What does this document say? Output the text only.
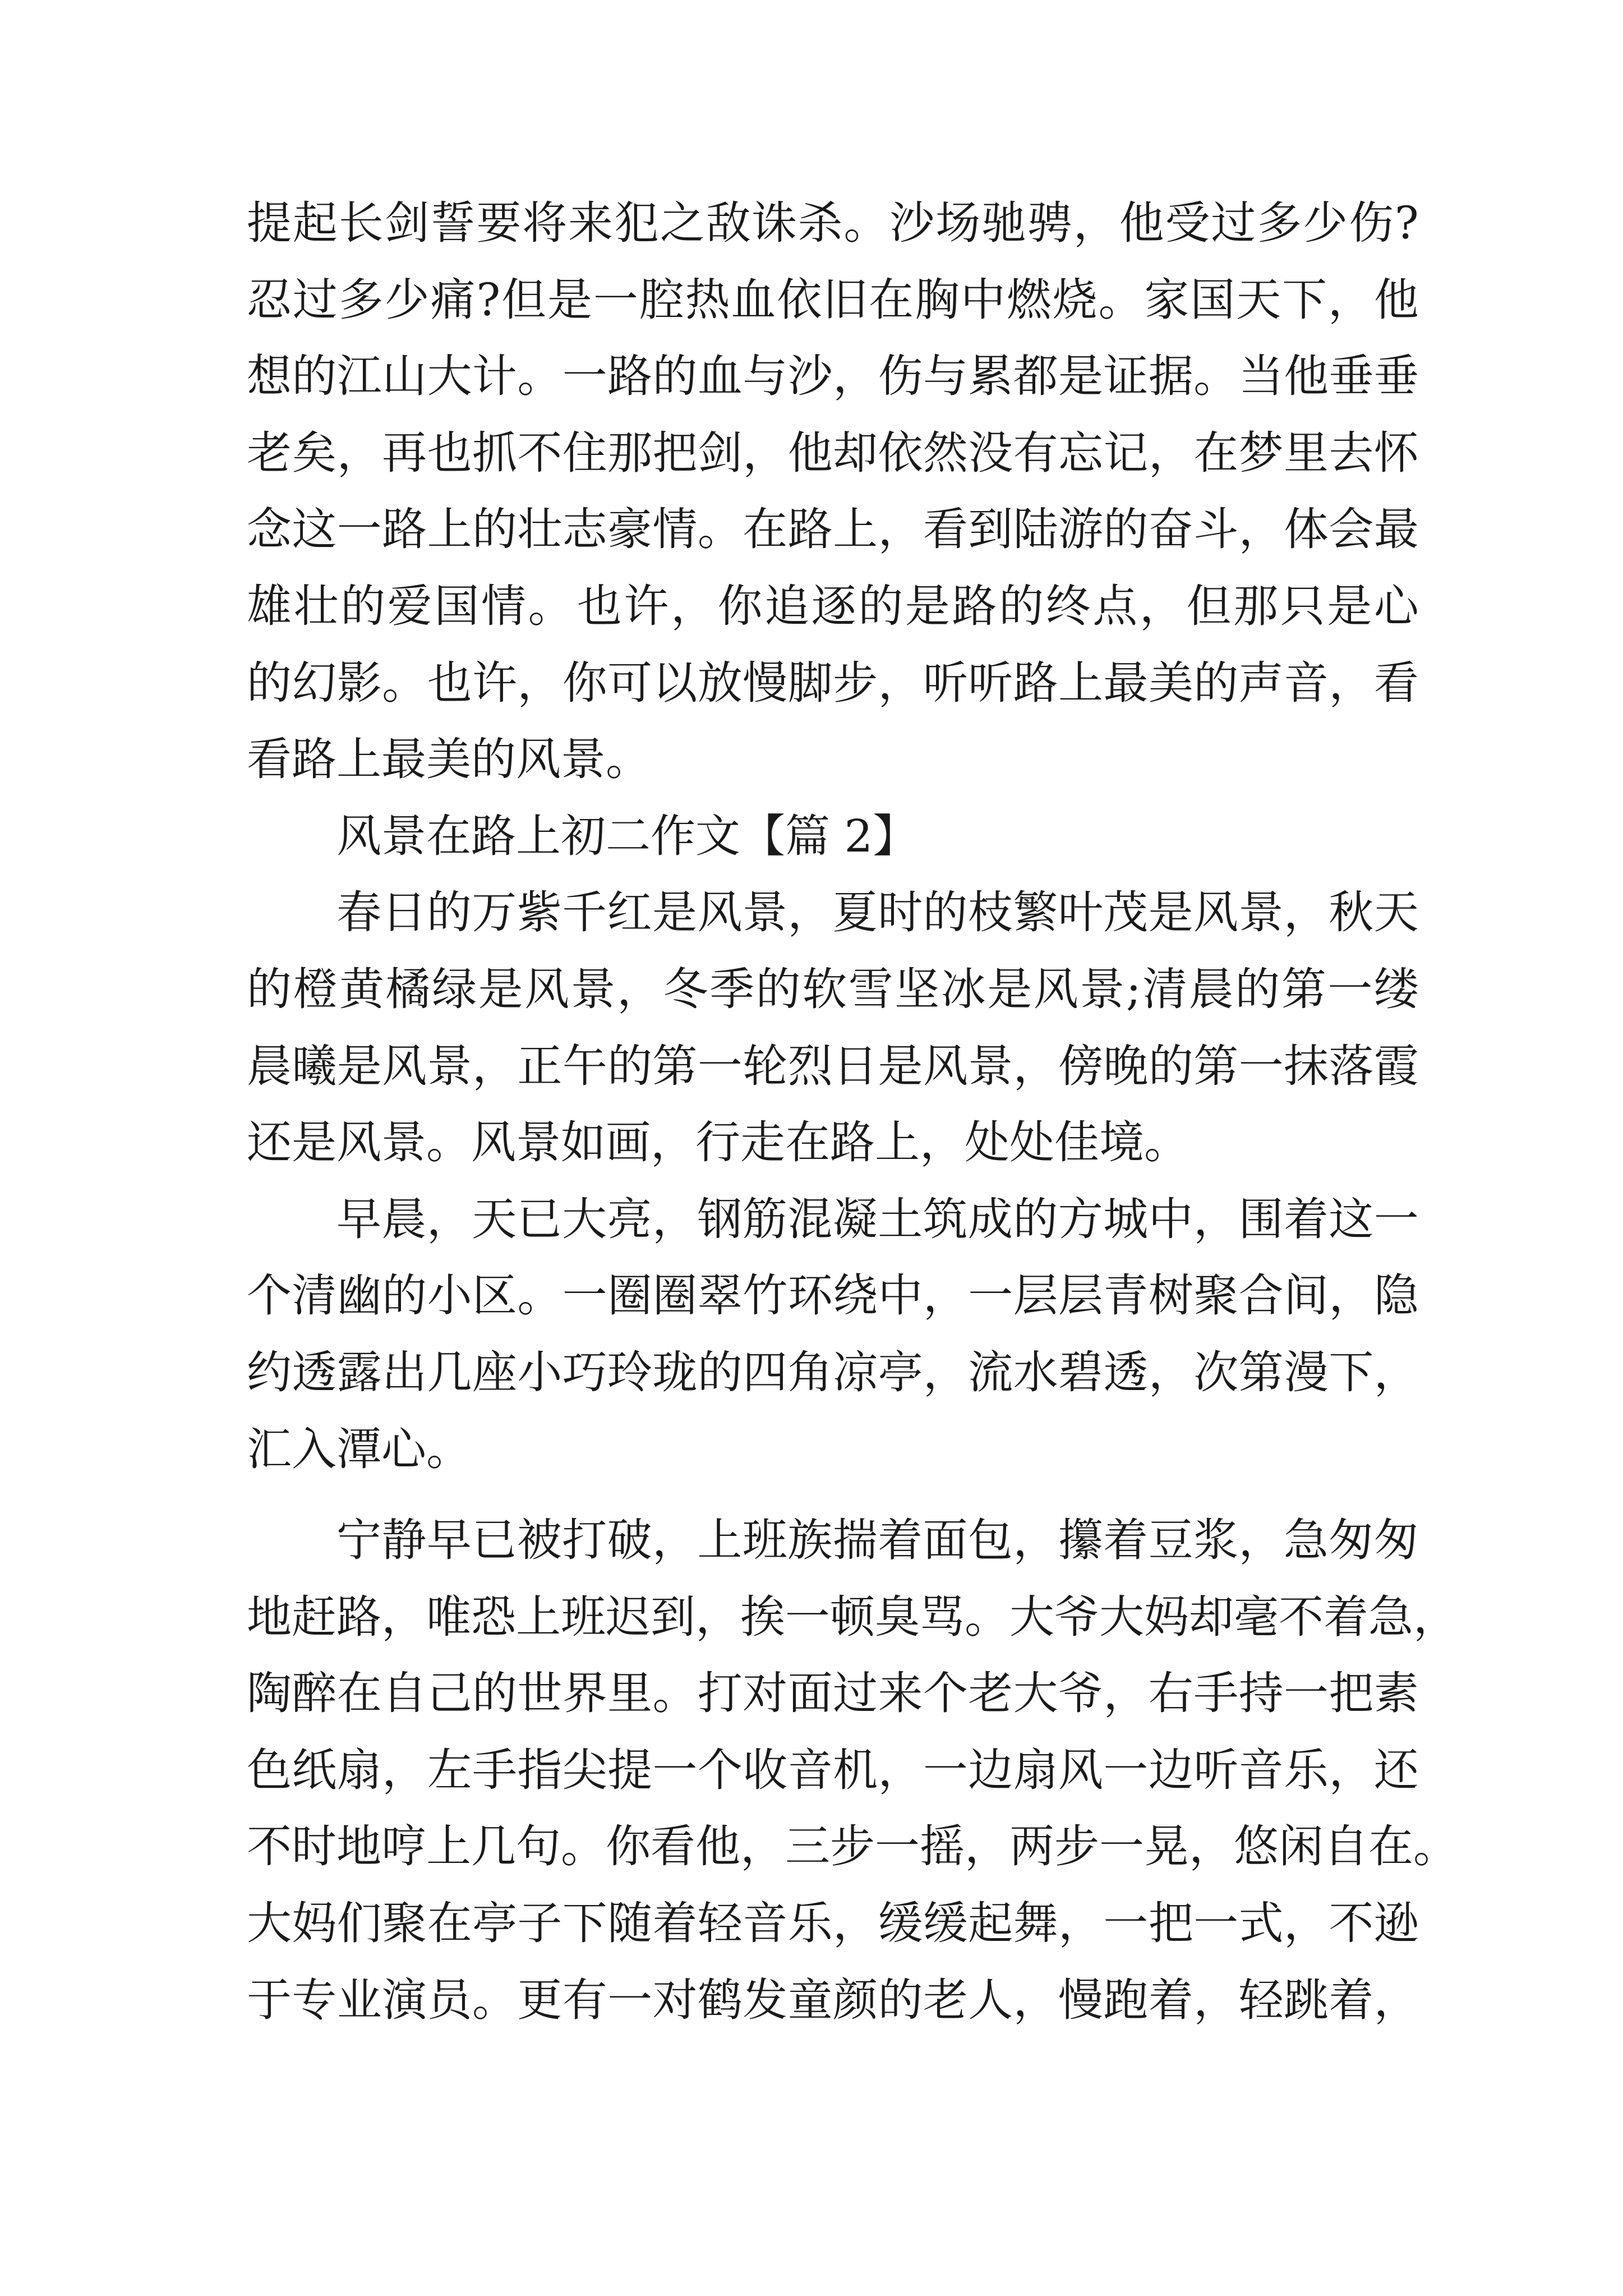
提 起 长 剑 誓 要 将 来 犯 之 敌 诛 杀 。 沙 场 驰 骋 ， 他 受 过 多 少 伤 ?
忍 过 多 少 痛 ? 但 是 一 腔 热 血 依 旧 在 胸 中 燃 烧 。 家 国 天 下 ， 他
想 的 江 山 大 计 。 一 路 的 血 与 沙 ， 伤 与 累 都 是 证 据 。 当 他 垂 垂
老 矣 ， 再 也 抓 不 住 那 把 剑 ， 他 却 依 然 没 有 忘 记 ， 在 梦 里 去 怀
念 这 一 路 上 的 壮 志 豪 情 。 在 路 上 ， 看 到 陆 游 的 奋 斗 ， 体 会 最
雄 壮 的 爱 国 情 。 也 许 ， 你 追 逐 的 是 路 的 终 点 ， 但 那 只 是 心
的 幻 影 。 也 许 ， 你 可 以 放 慢 脚 步 ， 听 听 路 上 最 美 的 声 音 ， 看
看路上最美的风景。
风景在路上初二作文【篇 2】
春 日 的 万 紫 千 红 是 风 景 ， 夏 时 的 枝 繁 叶 茂 是 风 景 ， 秋 天
的 橙 黄 橘 绿 是 风 景 ， 冬 季 的 软 雪 坚 冰 是 风 景 ; 清 晨 的 第 一 缕
晨 曦 是 风 景 ， 正 午 的 第 一 轮 烈 日 是 风 景 ， 傍 晚 的 第 一 抹 落 霞
还是风景。风景如画，行走在路上，处处佳境。
早 晨 ， 天 已 大 亮 ， 钢 筋 混 凝 土 筑 成 的 方 城 中 ， 围 着 这 一
个 清 幽 的 小 区 。 一 圈 圈 翠 竹 环 绕 中 ， 一 层 层 青 树 聚 合 间 ， 隐
约 透 露 出 几 座 小 巧 玲 珑 的 四 角 凉 亭 ， 流 水 碧 透 ， 次 第 漫 下 ，
汇入潭心。
宁 静 早 已 被 打 破 ， 上 班 族 揣 着 面 包 ， 攥 着 豆 浆 ， 急 匆 匆
地 赶 路 ， 唯 恐 上 班 迟 到 ， 挨 一 顿 臭 骂 。 大 爷 大 妈 却 毫 不 着 急 ，
陶 醉 在 自 己 的 世 界 里 。 打 对 面 过 来 个 老 大 爷 ， 右 手 持 一 把 素
色 纸 扇 ， 左 手 指 尖 提 一 个 收 音 机 ， 一 边 扇 风 一 边 听 音 乐 ， 还
不 时 地 哼 上 几 句 。 你 看 他 ， 三 步 一 摇 ， 两 步 一 晃 ， 悠 闲 自 在 。
大 妈 们 聚 在 亭 子 下 随 着 轻 音 乐 ， 缓 缓 起 舞 ， 一 把 一 式 ， 不 逊
于 专 业 演 员 。 更 有 一 对 鹤 发 童 颜 的 老 人 ， 慢 跑 着 ， 轻 跳 着 ，
